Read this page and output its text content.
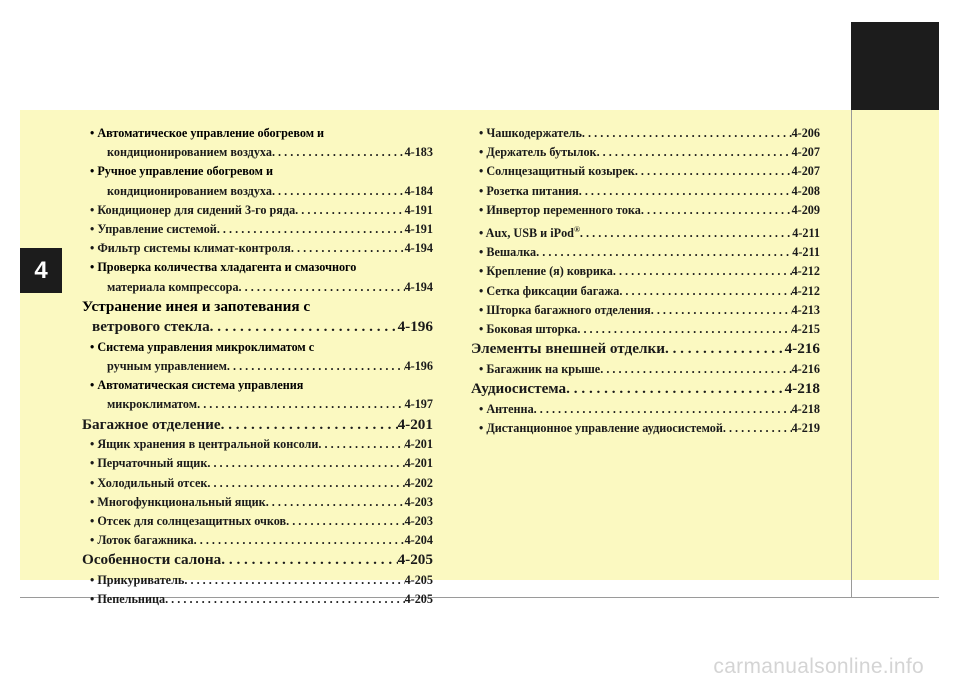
4
• Автоматическое управление обогревом и
кондиционированием воздуха . . .	4-183
• Ручное управление обогревом и
кондиционированием воздуха . . .	4-184
• Кондиционер для сидений 3-го ряда . . .	4-191
• Управление системой . . .	4-191
• Фильтр системы климат-контроля . . .	4-194
• Проверка количества хладагента и смазочного
материала компрессора . . .	4-194
Устранение инея и запотевания с
ветрового стекла . . .	4-196
• Система управления микроклиматом с
ручным управлением . . .	4-196
• Автоматическая система управления
микроклиматом . . .	4-197
Багажное отделение . . .	4-201
• Ящик хранения в центральной консоли . . .	4-201
• Перчаточный ящик . . .	4-201
• Холодильный отсек . . .	4-202
• Многофункциональный ящик . . .	4-203
• Отсек для солнцезащитных очков . . .	4-203
• Лоток багажника . . .	4-204
Особенности салона . . .	4-205
• Прикуриватель . . .	4-205
• Пепельница . . .	4-205
• Чашкодержатель . . .	4-206
• Держатель бутылок . . .	4-207
• Солнцезащитный козырек . . .	4-207
• Розетка питания . . .	4-208
• Инвертор переменного тока . . .	4-209
• Aux, USB и iPod® . . .	4-211
• Вешалка . . .	4-211
• Крепление (я) коврика . . .	4-212
• Сетка фиксации багажа . . .	4-212
• Шторка багажного отделения . . .	4-213
• Боковая шторка . . .	4-215
Элементы внешней отделки . . .	4-216
• Багажник на крыше . . .	4-216
Аудиосистема . . .	4-218
• Антенна . . .	4-218
• Дистанционное управление аудиосистемой . . .	4-219
carmanualsonline.info
